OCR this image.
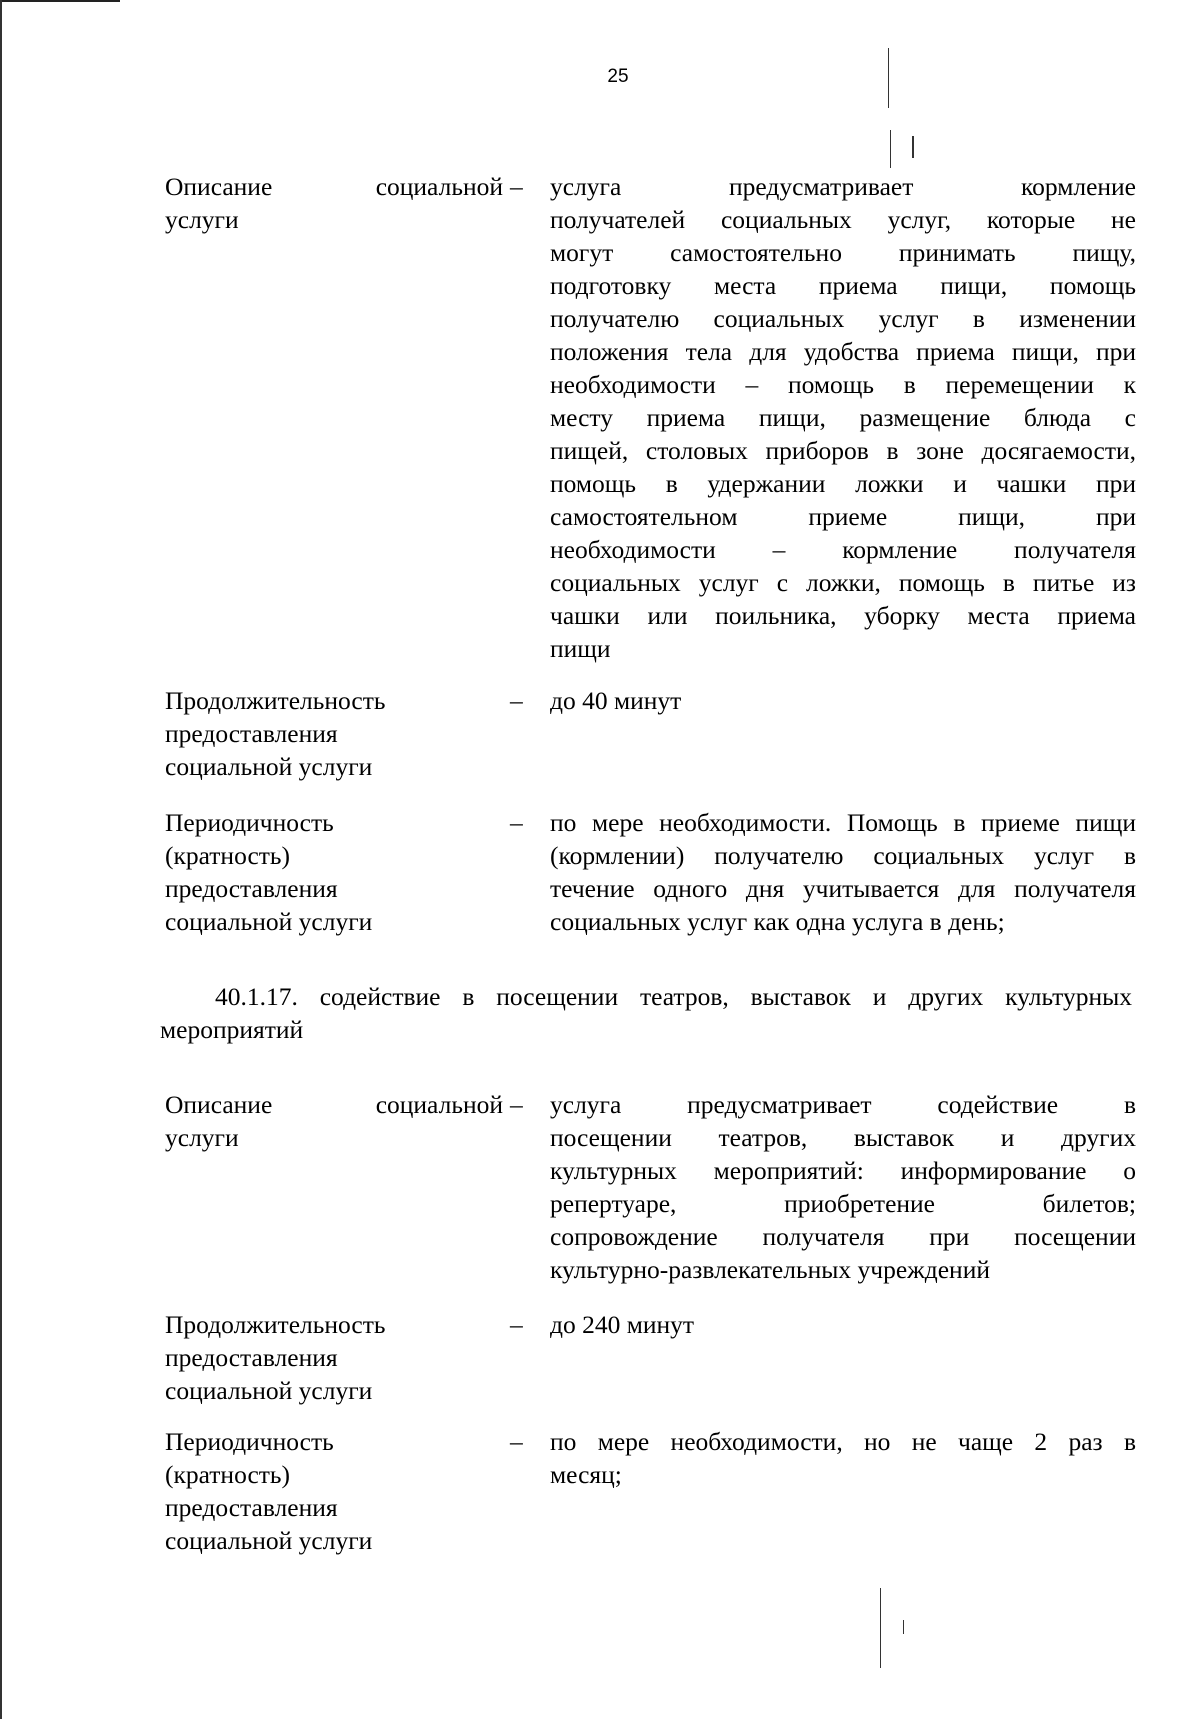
25
Описание	социальной
услуги
– услуга предусматривает кормление
получателей социальных услуг, которые не
могут самостоятельно принимать пищу,
подготовку места приема пищи, помощь
получателю социальных услуг в изменении
положения тела для удобства приема пищи, при
необходимости – помощь в перемещении к
месту приема пищи, размещение блюда с
пищей, столовых приборов в зоне досягаемости,
помощь в удержании ложки и чашки при
самостоятельном приеме пищи, при
необходимости – кормление получателя
социальных услуг с ложки, помощь в питье из
чашки или поильника, уборку места приема
пищи
Продолжительность
предоставления
социальной услуги
– до 40 минут
Периодичность
(кратность)
предоставления
социальной услуги
– по мере необходимости. Помощь в приеме пищи
(кормлении) получателю социальных услуг в
течение одного дня учитывается для получателя
социальных услуг как одна услуга в день;
40.1.17. содействие в посещении театров, выставок и других культурных
мероприятий
Описание	социальной
услуги
– услуга предусматривает содействие в
посещении театров, выставок и других
культурных мероприятий: информирование о
репертуаре, приобретение билетов;
сопровождение получателя при посещении
культурно-развлекательных учреждений
Продолжительность
предоставления
социальной услуги
– до 240 минут
Периодичность
(кратность)
предоставления
социальной услуги
– по мере необходимости, но не чаще 2 раз в
месяц;
